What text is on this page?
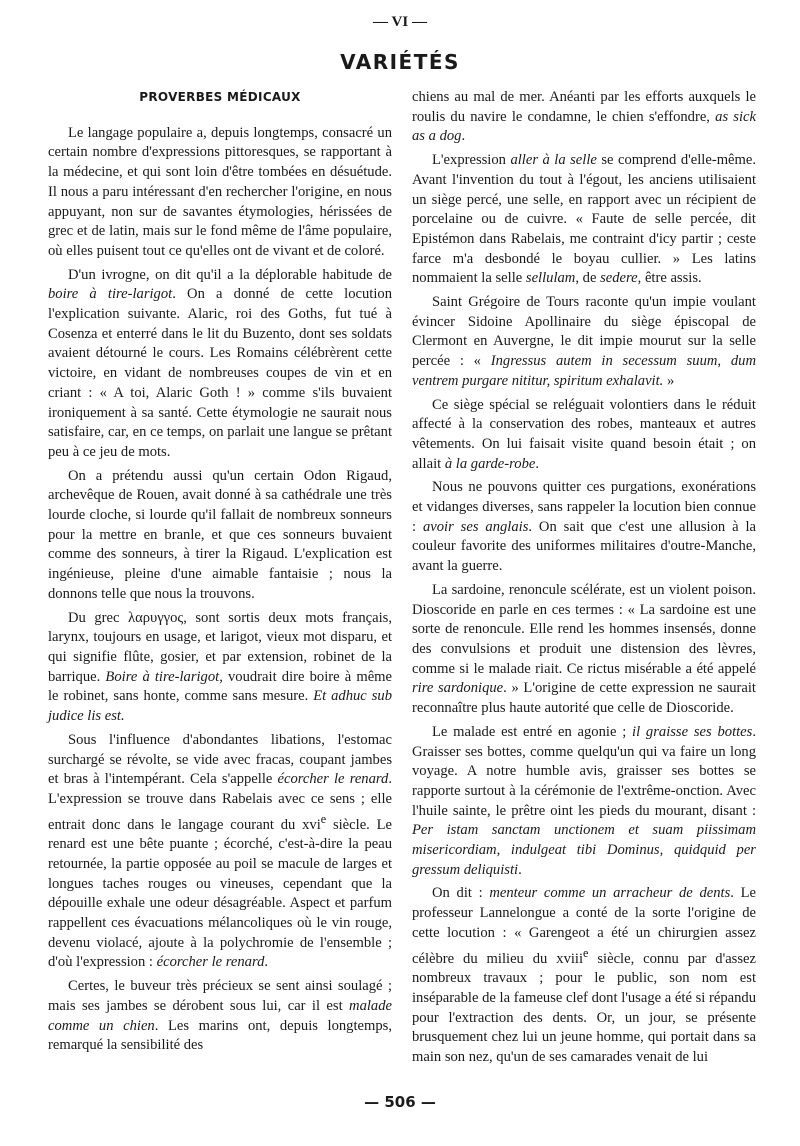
— VI —
VARIÉTÉS
PROVERBES MÉDICAUX

Le langage populaire a, depuis longtemps, consacré un certain nombre d'expressions pittoresques, se rapportant à la médecine, et qui sont loin d'être tombées en désuétude. Il nous a paru intéressant d'en rechercher l'origine, en nous appuyant, non sur de savantes étymologies, hérissées de grec et de latin, mais sur le fond même de l'âme populaire, où elles puisent tout ce qu'elles ont de vivant et de coloré.

D'un ivrogne, on dit qu'il a la déplorable habitude de boire à tire-larigot. On a donné de cette locution l'explication suivante. Alaric, roi des Goths, fut tué à Cosenza et enterré dans le lit du Buzento, dont ses soldats avaient détourné le cours. Les Romains célébrèrent cette victoire, en vidant de nombreuses coupes de vin et en criant : « A toi, Alaric Goth ! » comme s'ils buvaient ironiquement à sa santé. Cette étymologie ne saurait nous satisfaire, car, en ce temps, on parlait une langue se prêtant peu à ce jeu de mots.

On a prétendu aussi qu'un certain Odon Rigaud, archevêque de Rouen, avait donné à sa cathédrale une très lourde cloche, si lourde qu'il fallait de nombreux sonneurs pour la mettre en branle, et que ces sonneurs buvaient comme des sonneurs, à tirer la Rigaud. L'explication est ingénieuse, pleine d'une aimable fantaisie ; nous la donnons telle que nous la trouvons.

Du grec λαρυγγος, sont sortis deux mots français, larynx, toujours en usage, et larigot, vieux mot disparu, et qui signifie flûte, gosier, et par extension, robinet de la barrique. Boire à tire-larigot, voudrait dire boire à même le robinet, sans honte, comme sans mesure. Et adhuc sub judice lis est.

Sous l'influence d'abondantes libations, l'estomac surchargé se révolte, se vide avec fracas, coupant jambes et bras à l'intempérant. Cela s'appelle écorcher le renard. L'expression se trouve dans Rabelais avec ce sens ; elle entrait donc dans le langage courant du xvi$^e$ siècle. Le renard est une bête puante ; écorché, c'est-à-dire la peau retournée, la partie opposée au poil se macule de larges et longues taches rouges ou vineuses, cependant que la dépouille exhale une odeur désagréable. Aspect et parfum rappellent ces évacuations mélancoliques où le vin rouge, devenu violacé, ajoute à la polychromie de l'ensemble ; d'où l'expression : écorcher le renard.

Certes, le buveur très précieux se sent ainsi soulagé ; mais ses jambes se dérobent sous lui, car il est malade comme un chien. Les marins ont, depuis longtemps, remarqué la sensibilité des

chiens au mal de mer. Anéanti par les efforts auxquels le roulis du navire le condamne, le chien s'effondre, as sick as a dog.

L'expression aller à la selle se comprend d'elle-même. Avant l'invention du tout à l'égout, les anciens utilisaient un siège percé, une selle, en rapport avec un récipient de porcelaine ou de cuivre. « Faute de selle percée, dit Epistémon dans Rabelais, me contraint d'icy partir ; ceste farce m'a desbondé le boyau cullier. » Les latins nommaient la selle sellulam, de sedere, être assis.

Saint Grégoire de Tours raconte qu'un impie voulant évincer Sidoine Apollinaire du siège épiscopal de Clermont en Auvergne, le dit impie mourut sur la selle percée : « Ingressus autem in secessum suum, dum ventrem purgare nititur, spiritum exhalavit. »

Ce siège spécial se reléguait volontiers dans le réduit affecté à la conservation des robes, manteaux et autres vêtements. On lui faisait visite quand besoin était ; on allait à la garde-robe.

Nous ne pouvons quitter ces purgations, exonérations et vidanges diverses, sans rappeler la locution bien connue : avoir ses anglais. On sait que c'est une allusion à la couleur favorite des uniformes militaires d'outre-Manche, avant la guerre.

La sardoine, renoncule scélérate, est un violent poison. Dioscoride en parle en ces termes : « La sardoine est une sorte de renoncule. Elle rend les hommes insensés, donne des convulsions et produit une distension des lèvres, comme si le malade riait. Ce rictus misérable a été appelé rire sardonique. » L'origine de cette expression ne saurait reconnaître plus haute autorité que celle de Dioscoride.

Le malade est entré en agonie ; il graisse ses bottes. Graisser ses bottes, comme quelqu'un qui va faire un long voyage. A notre humble avis, graisser ses bottes se rapporte surtout à la cérémonie de l'extrême-onction. Avec l'huile sainte, le prêtre oint les pieds du mourant, disant : Per istam sanctam unctionem et suam piissimam misericordiam, indulgeat tibi Dominus, quidquid per gressum deliquisti.

On dit : menteur comme un arracheur de dents. Le professeur Lannelongue a conté de la sorte l'origine de cette locution : « Garengeot a été un chirurgien assez célèbre du milieu du xviii$^e$ siècle, connu par d'assez nombreux travaux ; pour le public, son nom est inséparable de la fameuse clef dont l'usage a été si répandu pour l'extraction des dents. Or, un jour, se présente brusquement chez lui un jeune homme, qui portait dans sa main son nez, qu'un de ses camarades venait de lui

— 506 —
